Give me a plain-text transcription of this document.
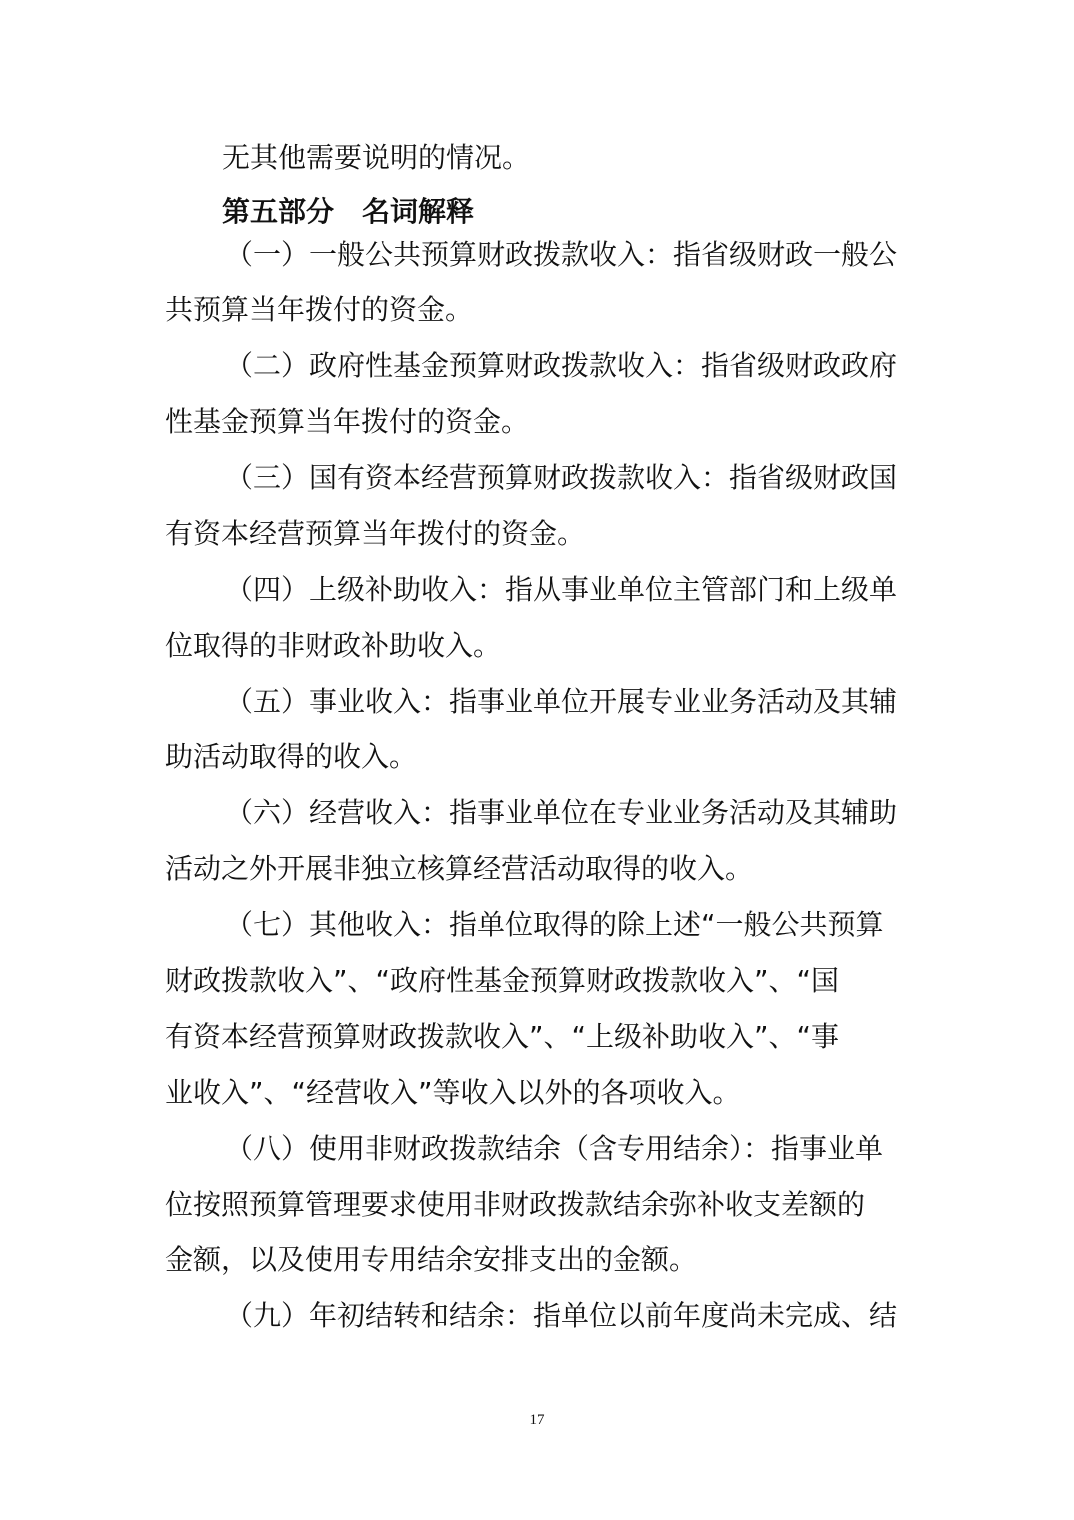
无其他需要说明的情况。
第五部分　名词解释
（一）一般公共预算财政拨款收入：指省级财政一般公
共预算当年拨付的资金。
（二）政府性基金预算财政拨款收入：指省级财政政府
性基金预算当年拨付的资金。
（三）国有资本经营预算财政拨款收入：指省级财政国
有资本经营预算当年拨付的资金。
（四）上级补助收入：指从事业单位主管部门和上级单
位取得的非财政补助收入。
（五）事业收入：指事业单位开展专业业务活动及其辅
助活动取得的收入。
（六）经营收入：指事业单位在专业业务活动及其辅助
活动之外开展非独立核算经营活动取得的收入。
（七）其他收入：指单位取得的除上述“一般公共预算
财政拨款收入”、“政府性基金预算财政拨款收入”、“国
有资本经营预算财政拨款收入”、“上级补助收入”、“事
业收入”、“经营收入”等收入以外的各项收入。
（八）使用非财政拨款结余（含专用结余）：指事业单
位按照预算管理要求使用非财政拨款结余弥补收支差额的
金额，以及使用专用结余安排支出的金额。
（九）年初结转和结余：指单位以前年度尚未完成、结
17
